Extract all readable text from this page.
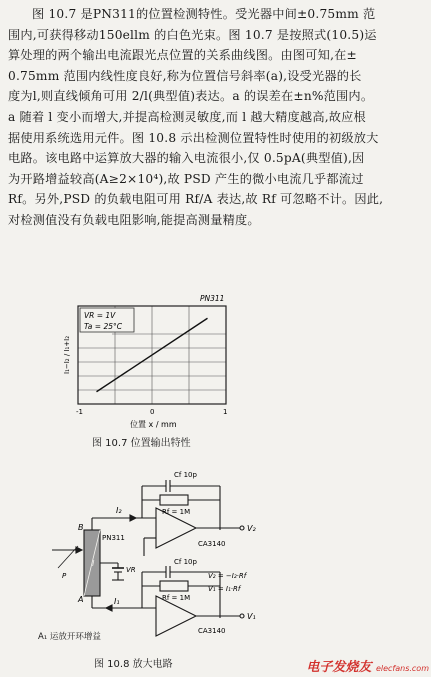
图 10.7 是PN311的位置检测特性。受光器中间±0.75mm 范

围内,可获得移动150ellm 的白色光束。图 10.7 是按照式(10.5)运

算处理的两个输出电流跟光点位置的关系曲线图。由图可知,在±

0.75mm 范围内线性度良好,称为位置信号斜率(a),设受光器的长

度为l,则直线倾角可用 2/l(典型值)表达。a 的误差在±n%范围内。

a 随着 l 变小而增大,并提高检测灵敏度,而 l 越大精度越高,故应根

据使用系统选用元件。图 10.8 示出检测位置特性时使用的初级放大

电路。该电路中运算放大器的输入电流很小,仅 0.5pA(典型值),因

为开路增益较高(A≥2×10⁴),故 PSD 产生的微小电流几乎都流过

Rf。另外,PSD 的负载电阻可用 Rf/A 表达,故 Rf 可忽略不计。因此,

对检测值没有负载电阻影响,能提高测量精度。

VR = 1V
Ta = 25°C
PN311
I₁−I₂ / I₁+I₂
-1	0	1
位置 x / mm
图 10.7 位置输出特性
Cf 10p
Rf = 1M
Cf 10p
Rf = 1M
I₂
I₁
PN311
CA3140
CA3140
V₂
V₁
VR
l
B
A
P	V₂ = −I₂·Rf
V₁ = I₁·Rf
A₁ 运放开环增益
图 10.8 放大电路	电子发烧友 elecfans.com
